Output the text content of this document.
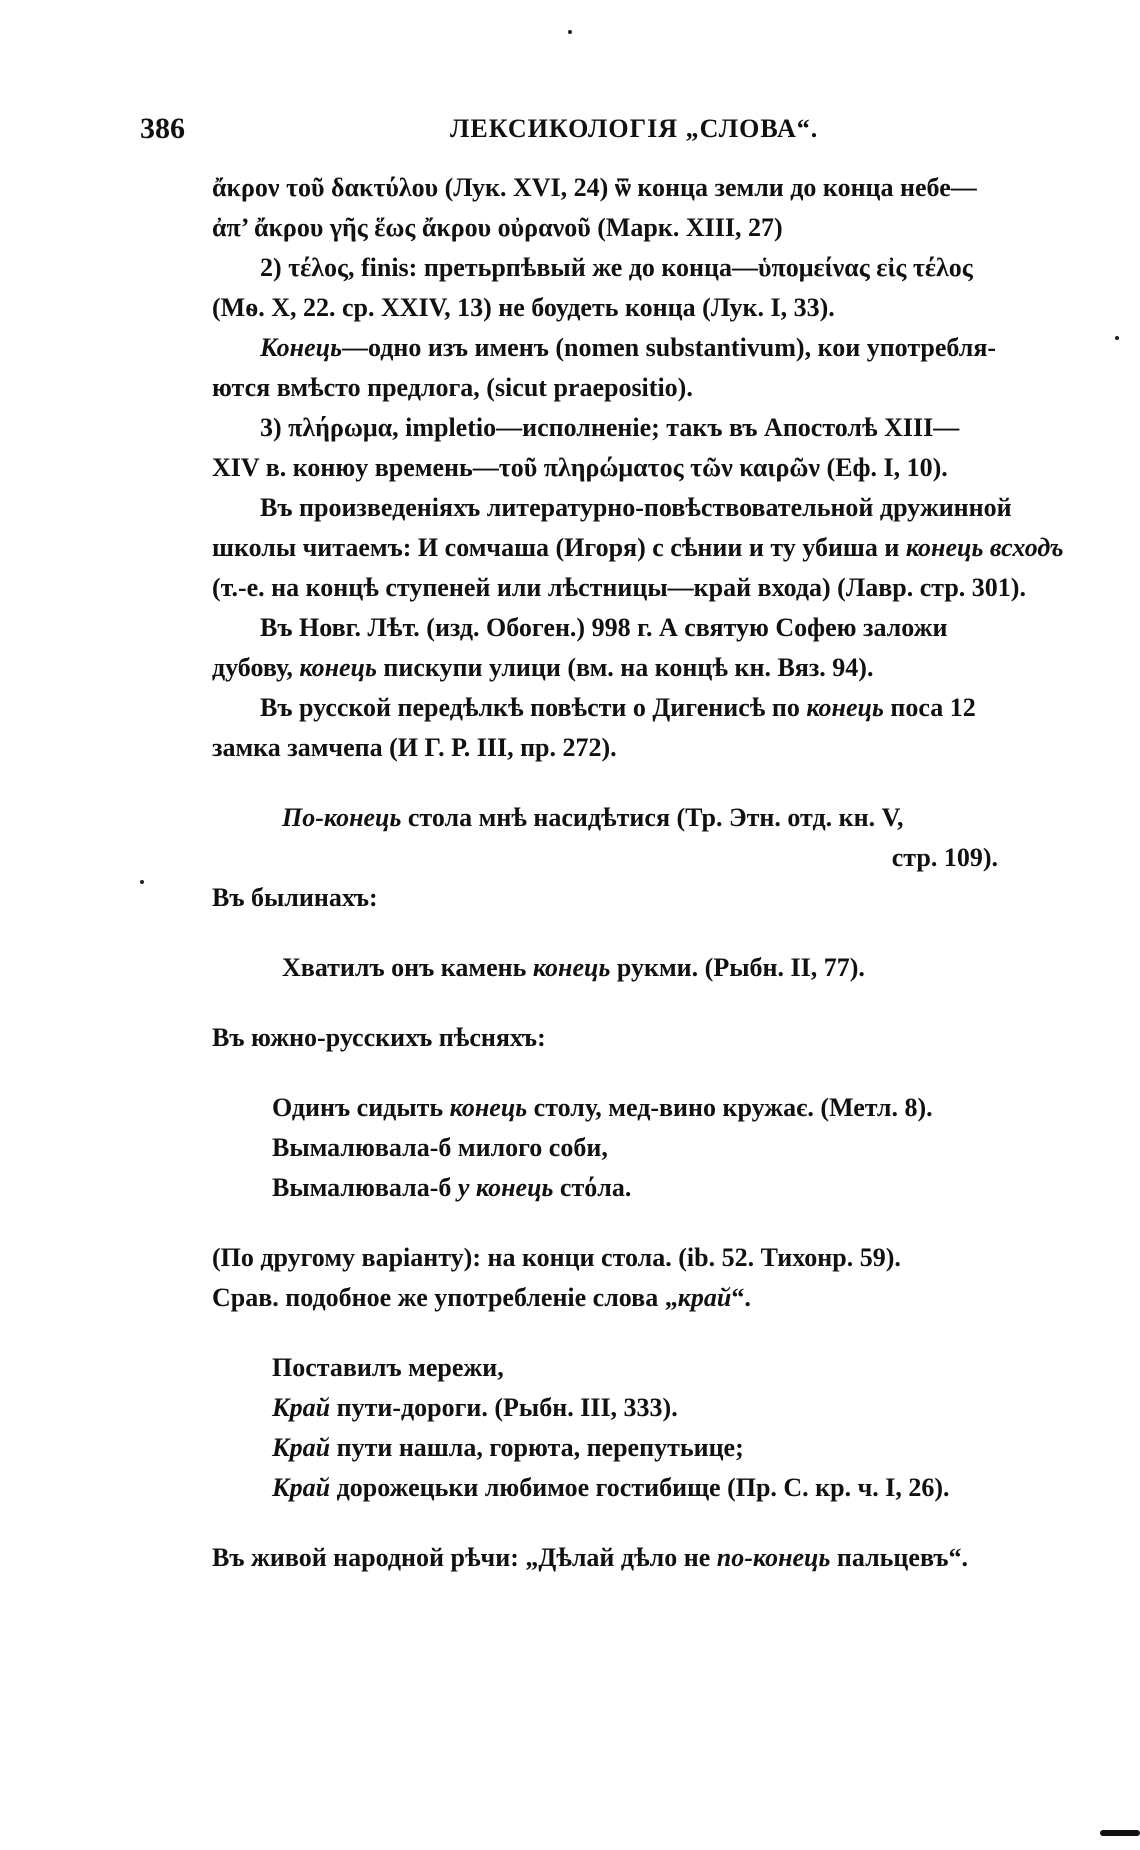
386	ЛЕКСИКОЛОГІЯ „СЛОВА“.

ἄκρον τοῦ δακτύλου (Лук. XVI, 24) ѿ конца земли до конца небе—

ἀπ’ ἄκρου γῆς ἕως ἄκρου οὐρανοῦ (Марк. XIII, 27)

2) τέλος, finis: претьрпѣвый же до конца—ὑπομείνας εἰς τέλος

(Мѳ. X, 22. ср. XXIV, 13) не боудеть конца (Лук. I, 33).

Конець—одно изъ именъ (nomen substantivum), кои употребля-

ются вмѣсто предлога, (sicut praepositio).

3) πλήρωμα, impletio—исполненіе; такъ въ Апостолѣ XIII—

XIV в. конюу времень—τοῦ πληρώματος τῶν καιρῶν (Еф. I, 10).

Въ произведеніяхъ литературно-повѣствовательной дружинной

школы читаемъ: И сомчаша (Игоря) с сѣнии и ту убиша и конець всходъ

(т.-е. на концѣ ступеней или лѣстницы—край входа) (Лавр. стр. 301).

Въ Новг. Лѣт. (изд. Обоген.) 998 г. А святую Софею заложи

дубову, конець пискупи улици (вм. на концѣ кн. Вяз. 94).

Въ русской передѣлкѣ повѣсти о Дигенисѣ по конець поса 12

замка замчепа (И Г. Р. III, пр. 272).

По-конець стола мнѣ насидѣтися (Тр. Этн. отд. кн. V,

стр. 109).

Въ былинахъ:

Хватилъ онъ камень конець рукми. (Рыбн. II, 77).

Въ южно-русскихъ пѣсняхъ:

Одинъ сидыть конець столу, мед-вино кружає. (Метл. 8).

Вымалювала-б милого соби,

Вымалювала-б у конець стόла.

(По другому варіанту): на конци стола. (ib. 52. Тихонр. 59).

Срав. подобное же употребленіе слова „край“.

Поставилъ мережи,

Край пути-дороги. (Рыбн. III, 333).

Край пути нашла, горюта, перепутьице;

Край дорожецьки любимое гостибище (Пр. С. кр. ч. I, 26).

Въ живой народной рѣчи: „Дѣлай дѣло не по-конець пальцевъ“.
